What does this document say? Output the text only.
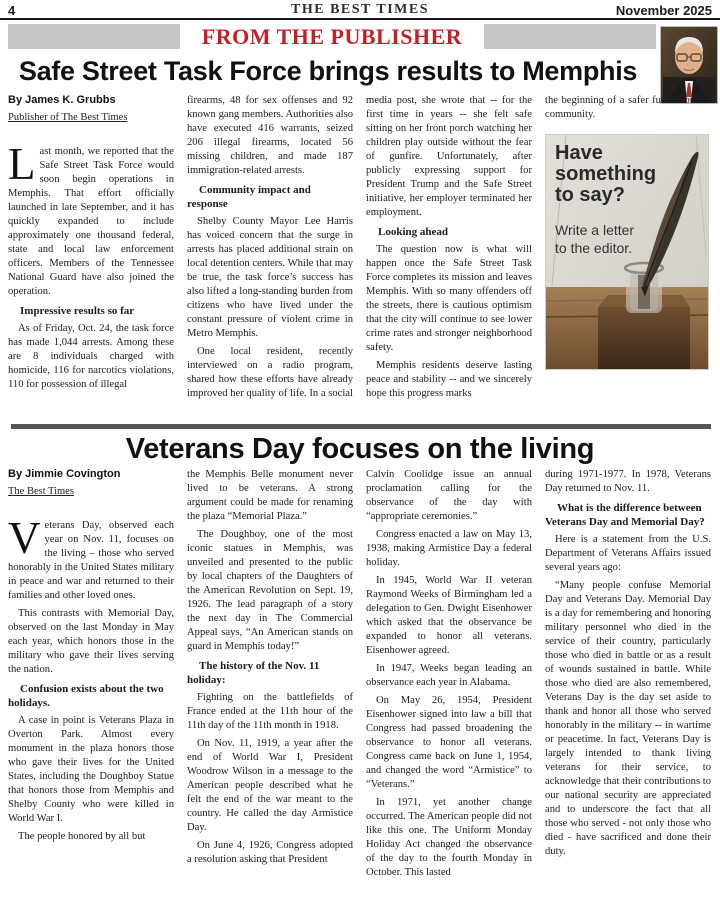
4	THE BEST TIMES	November 2025
FROM THE PUBLISHER
Safe Street Task Force brings results to Memphis
By James K. Grubbs
Publisher of The Best Times

Last month, we reported that the Safe Street Task Force would soon begin operations in Memphis. That effort officially launched in late September, and it has quickly expanded to include approximately one thousand federal, state and local law enforcement officers. Members of the Tennessee National Guard have also joined the operation.

Impressive results so far

As of Friday, Oct. 24, the task force has made 1,044 arrests. Among these are 8 individuals charged with homicide, 116 for narcotics violations, 110 for possession of illegal

firearms, 48 for sex offenses and 92 known gang members. Authorities also have executed 416 warrants, seized 206 illegal firearms, located 56 missing children, and made 187 immigration-related arrests.

Community impact and response

Shelby County Mayor Lee Harris has voiced concern that the surge in arrests has placed additional strain on local detention centers. While that may be true, the task force’s success has also lifted a long-standing burden from citizens who have lived under the constant pressure of violent crime in Metro Memphis.

One local resident, recently interviewed on a radio program, shared how these efforts have already improved her quality of life. In a social

media post, she wrote that -- for the first time in years -- she felt safe sitting on her front porch watching her children play outside without the fear of gunfire. Unfortunately, after publicly expressing support for President Trump and the Safe Street initiative, her employer terminated her employment.

Looking ahead

The question now is what will happen once the Safe Street Task Force completes its mission and leaves Memphis. With so many offenders off the streets, there is cautious optimism that the city will continue to see lower crime rates and stronger neighborhood safety.

Memphis residents deserve lasting peace and stability -- and we sincerely hope this progress marks

the beginning of a safer future for our community.

Have something to say?
Write a letter to the editor.
Veterans Day focuses on the living
By Jimmie Covington
The Best Times

Veterans Day, observed each year on Nov. 11, focuses on the living – those who served honorably in the United States military in peace and war and returned to their families and other loved ones.

This contrasts with Memorial Day, observed on the last Monday in May each year, which honors those in the military who gave their lives serving the nation.

Confusion exists about the two holidays.

A case in point is Veterans Plaza in Overton Park. Almost every monument in the plaza honors those who gave their lives for the United States, including the Doughboy Statue that honors those from Memphis and Shelby County who were killed in World War I.

The people honored by all but

the Memphis Belle monument never lived to be veterans. A strong argument could be made for renaming the plaza “Memorial Plaza.”

The Doughboy, one of the most iconic statues in Memphis, was unveiled and presented to the public by local chapters of the Daughters of the American Revolution on Sept. 19, 1926. The lead paragraph of a story the next day in The Commercial Appeal says, “An American stands on guard in Memphis today!”

The history of the Nov. 11 holiday:

Fighting on the battlefields of France ended at the 11th hour of the 11th day of the 11th month in 1918.

On Nov. 11, 1919, a year after the end of World War I, President Woodrow Wilson in a message to the American people described what he felt the end of the war meant to the country. He called the day Armistice Day.

On June 4, 1926, Congress adopted a resolution asking that President

Calvin Coolidge issue an annual proclamation calling for the observance of the day with “appropriate ceremonies.”

Congress enacted a law on May 13, 1938, making Armistice Day a federal holiday.

In 1945, World War II veteran Raymond Weeks of Birmingham led a delegation to Gen. Dwight Eisenhower which asked that the observance be expanded to honor all veterans. Eisenhower agreed.

In 1947, Weeks began leading an observance each year in Alabama.

On May 26, 1954, President Eisenhower signed into law a bill that Congress had passed broadening the observance to honor all veterans. Congress came back on June 1, 1954, and changed the word “Armistice” to “Veterans.”

In 1971, yet another change occurred. The American people did not like this one. The Uniform Monday Holiday Act changed the observance of the day to the fourth Monday in October. This lasted

during 1971-1977. In 1978, Veterans Day returned to Nov. 11.

What is the difference between Veterans Day and Memorial Day?

Here is a statement from the U.S. Department of Veterans Affairs issued several years ago:

“Many people confuse Memorial Day and Veterans Day. Memorial Day is a day for remembering and honoring military personnel who died in the service of their country, particularly those who died in battle or as a result of wounds sustained in battle. While those who died are also remembered, Veterans Day is the day set aside to thank and honor all those who served honorably in the military -- in wartime or peacetime. In fact, Veterans Day is largely intended to thank living veterans for their service, to acknowledge that their contributions to our national security are appreciated and to underscore the fact that all those who served - not only those who died - have sacrificed and done their duty.
